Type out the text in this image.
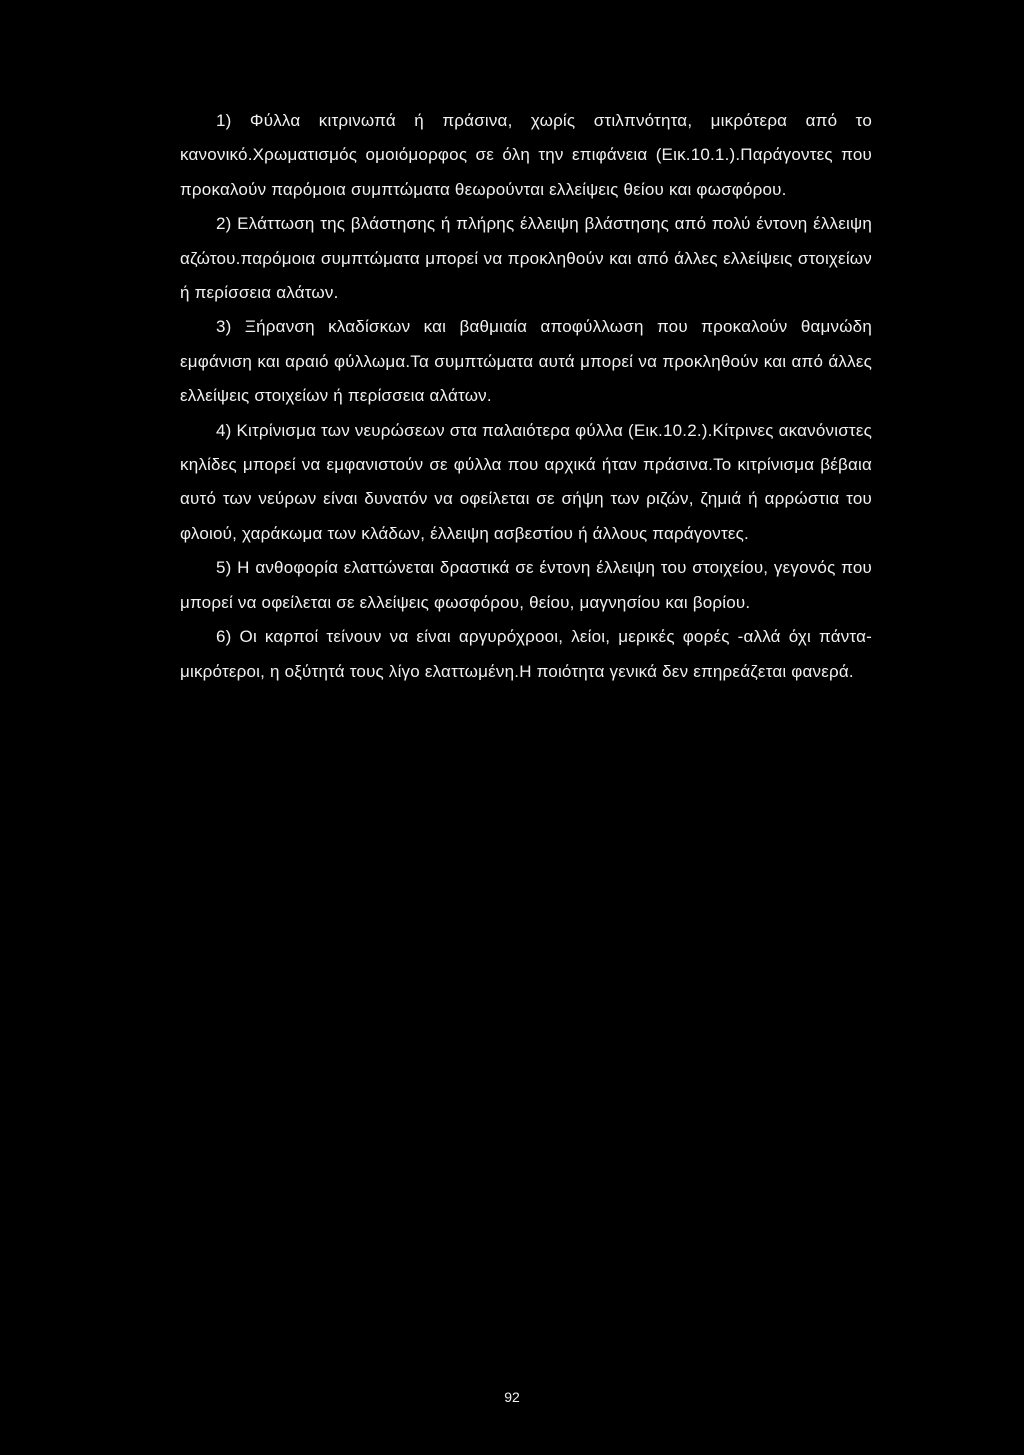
1) Φύλλα κιτρινωπά ή πράσινα, χωρίς στιλπνότητα, μικρότερα από το κανονικό.Χρωματισμός ομοιόμορφος σε όλη την επιφάνεια (Εικ.10.1.).Παράγοντες που προκαλούν παρόμοια συμπτώματα θεωρούνται ελλείψεις θείου και φωσφόρου.

2) Ελάττωση της βλάστησης ή πλήρης έλλειψη βλάστησης από πολύ έντονη έλλειψη αζώτου.παρόμοια συμπτώματα μπορεί να προκληθούν και από άλλες ελλείψεις στοιχείων ή περίσσεια αλάτων.

3) Ξήρανση κλαδίσκων και βαθμιαία αποφύλλωση που προκαλούν θαμνώδη εμφάνιση και αραιό φύλλωμα.Τα συμπτώματα αυτά μπορεί να προκληθούν και από άλλες ελλείψεις στοιχείων ή περίσσεια αλάτων.

4) Κιτρίνισμα των νευρώσεων στα παλαιότερα φύλλα (Εικ.10.2.).Κίτρινες ακανόνιστες κηλίδες μπορεί να εμφανιστούν σε φύλλα που αρχικά ήταν πράσινα.Το κιτρίνισμα βέβαια αυτό των νεύρων είναι δυνατόν να οφείλεται σε σήψη των ριζών, ζημιά ή αρρώστια του φλοιού, χαράκωμα των κλάδων, έλλειψη ασβεστίου ή άλλους παράγοντες.

5) Η ανθοφορία ελαττώνεται δραστικά σε έντονη έλλειψη του στοιχείου, γεγονός που μπορεί να οφείλεται σε ελλείψεις φωσφόρου, θείου, μαγνησίου και βορίου.

6) Οι καρποί τείνουν να είναι αργυρόχροοι, λείοι, μερικές φορές -αλλά όχι πάντα- μικρότεροι, η οξύτητά τους λίγο ελαττωμένη.Η ποιότητα γενικά δεν επηρεάζεται φανερά.

92
